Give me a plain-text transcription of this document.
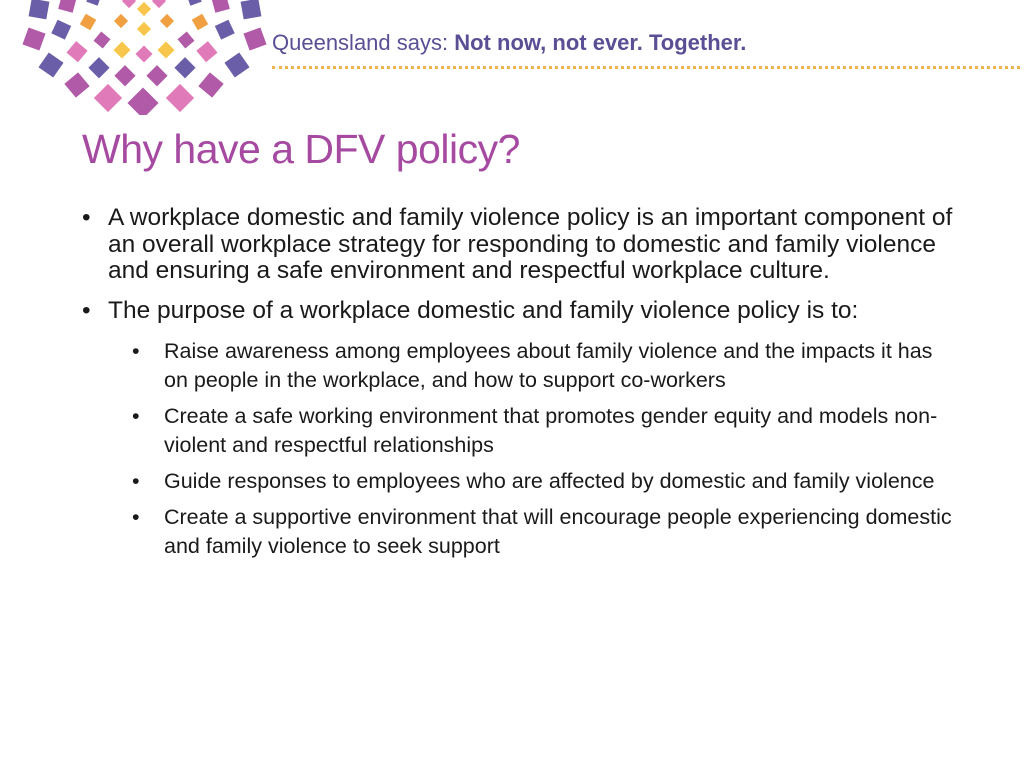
Queensland says: Not now, not ever. Together.
Why have a DFV policy?
• A workplace domestic and family violence policy is an important component of an overall workplace strategy for responding to domestic and family violence and ensuring a safe environment and respectful workplace culture.
• The purpose of a workplace domestic and family violence policy is to:
• Raise awareness among employees about family violence and the impacts it has on people in the workplace, and how to support co-workers
• Create a safe working environment that promotes gender equity and models non-violent and respectful relationships
• Guide responses to employees who are affected by domestic and family violence
• Create a supportive environment that will encourage people experiencing domestic and family violence to seek support
